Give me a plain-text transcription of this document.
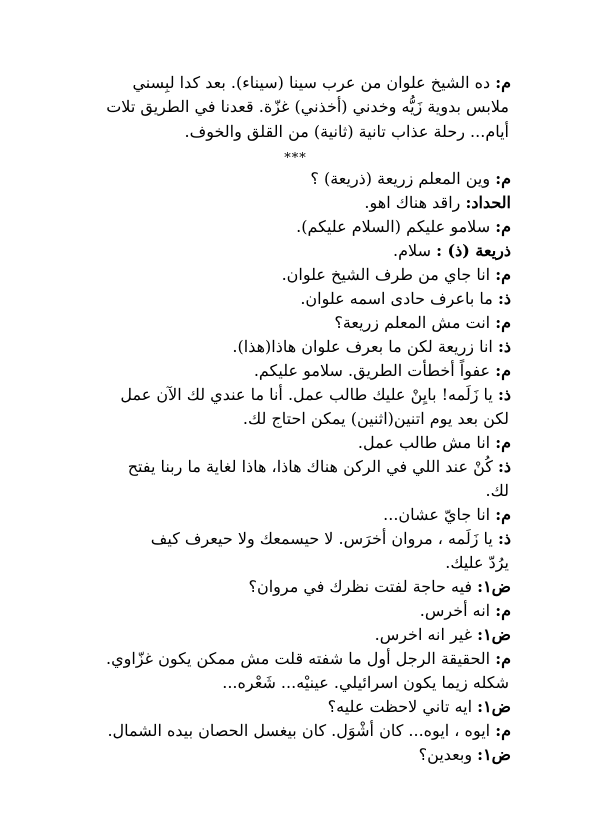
م: ده الشيخ علوان من عرب سينا (سيناء). بعد كدا لبِسني

ملابس بدوية زَيُّه وخدني (أخذني) غزّة. قعدنا في الطريق تلات

أيام... رحلة عذاب تانية (ثانية) من القلق والخوف.

***

م: وين المعلم زريعة (ذريعة) ؟

الحداد: راقد هناك اهو.

م: سلامو عليكم (السلام عليكم).

ذريعة (ذ) : سلام.

م: انا جاي من طرف الشيخ علوان.

ذ: ما باعرف حادى اسمه علوان.

م: انت مش المعلم زريعة؟

ذ: انا زريعة لكن ما بعرف علوان هاذا(هذا).

م: عفواً أخطأت الطريق. سلامو عليكم.

ذ: يا زَلَمه! بايِنْ عليك طالب عمل. أنا ما عندي لك الآن عمل

لكن بعد يوم اتنين(اثنين) يمكن احتاج لك.

م: انا مش طالب عمل.

ذ: كُنْ عند اللي في الركن هناك هاذا، هاذا لغاية ما ربنا يفتح

لك.

م: انا جايّ عشان...

ذ: يا زَلَمه ، مروان أخرَس. لا حيسمعك ولا حيعرف كيف

يرُدّ عليك.

ض١: فيه حاجة لفتت نظرك في مروان؟

م: انه أخرس.

ض١: غير انه اخرس.

م: الحقيقة الرجل أول ما شفته قلت مش ممكن يكون غزّاوي.

شكله زيما يكون اسرائيلي. عينيْه... شَعْره...

ض١: ايه تاني لاحظت عليه؟

م: ايوه ، ايوه... كان أشْوَل. كان بيغسل الحصان بيده الشمال.

ض١: وبعدين؟
